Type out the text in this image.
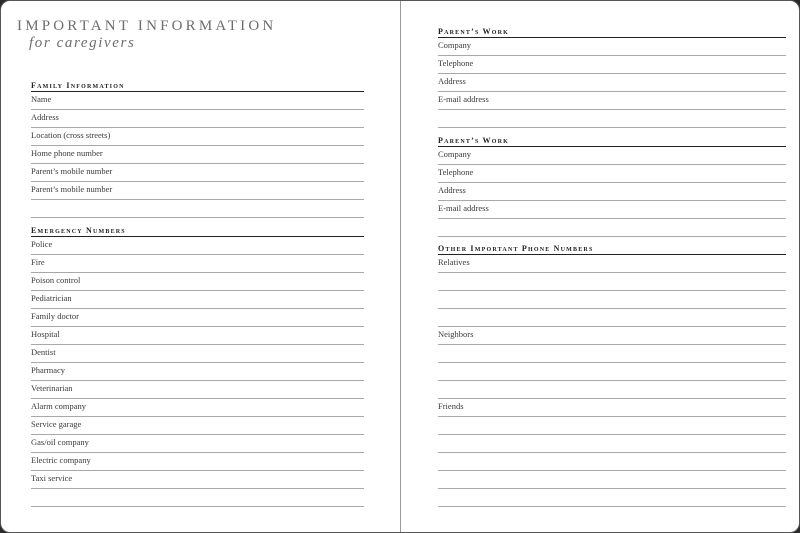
IMPORTANT INFORMATION
for caregivers
Family Information
Name
Address
Location (cross streets)
Home phone number
Parent’s mobile number
Parent’s mobile number
Emergency Numbers
Police
Fire
Poison control
Pediatrician
Family doctor
Hospital
Dentist
Pharmacy
Veterinarian
Alarm company
Service garage
Gas/oil company
Electric company
Taxi service
Parent’s Work
Company
Telephone
Address
E-mail address
Parent’s Work
Company
Telephone
Address
E-mail address
Other Important Phone Numbers
Relatives
Neighbors
Friends
